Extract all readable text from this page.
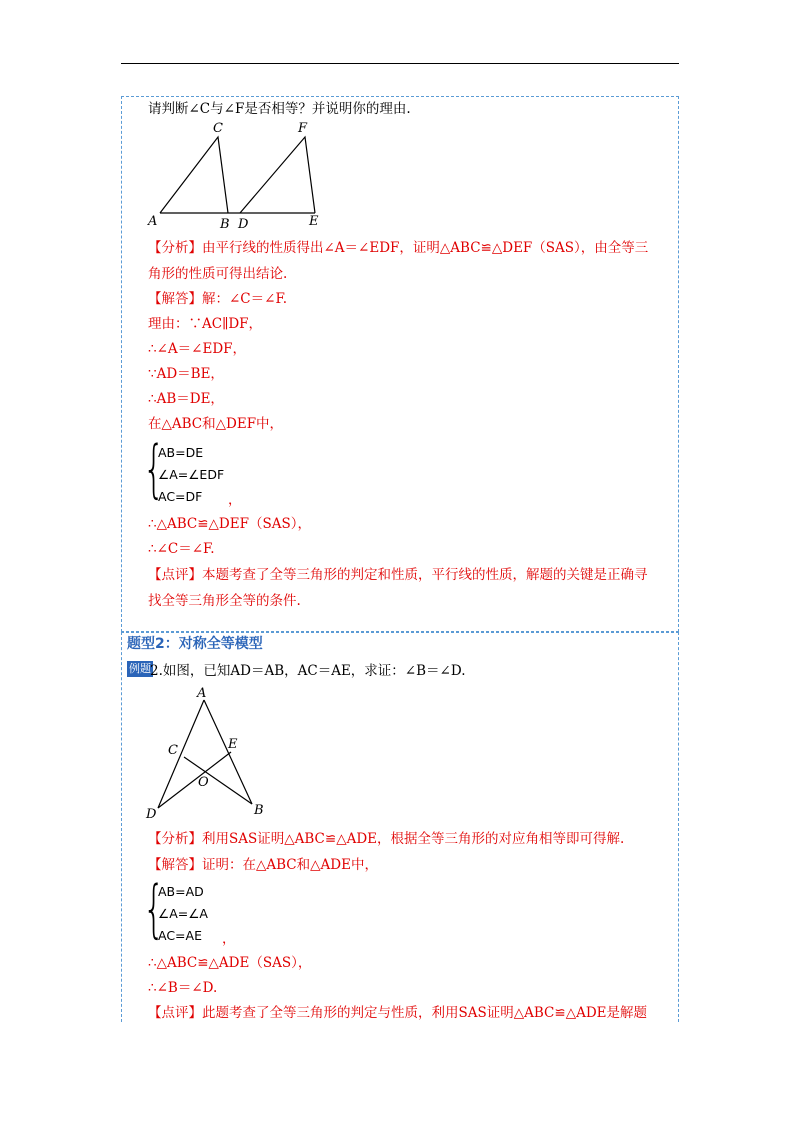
请判断∠C与∠F是否相等？并说明你的理由.
A	B
C
D	E
F
【分析】由平行线的性质得出∠A＝∠EDF，证明△ABC≌△DEF（SAS），由全等三
角形的性质可得出结论.
【解答】解：∠C＝∠F.
理由：∵AC∥DF，
∴∠A＝∠EDF，
∵AD＝BE，
∴AB＝DE，
在△ABC和△DEF中，
{
AB=DE
∠A=∠EDF
AC=DF ，
∴△ABC≌△DEF（SAS），
∴∠C＝∠F.
【点评】本题考查了全等三角形的判定和性质，平行线的性质，解题的关键是正确寻
找全等三角形全等的条件.
题型2：对称全等模型
例题 2.如图，已知AD＝AB，AC＝AE，求证：∠B＝∠D.
A
B
C
D
E
O
【分析】利用SAS证明△ABC≌△ADE，根据全等三角形的对应角相等即可得解.
【解答】证明：在△ABC和△ADE中，
{
AB=AD
∠A=∠A
AC=AE ，
∴△ABC≌△ADE（SAS），
∴∠B＝∠D.
【点评】此题考查了全等三角形的判定与性质，利用SAS证明△ABC≌△ADE是解题
